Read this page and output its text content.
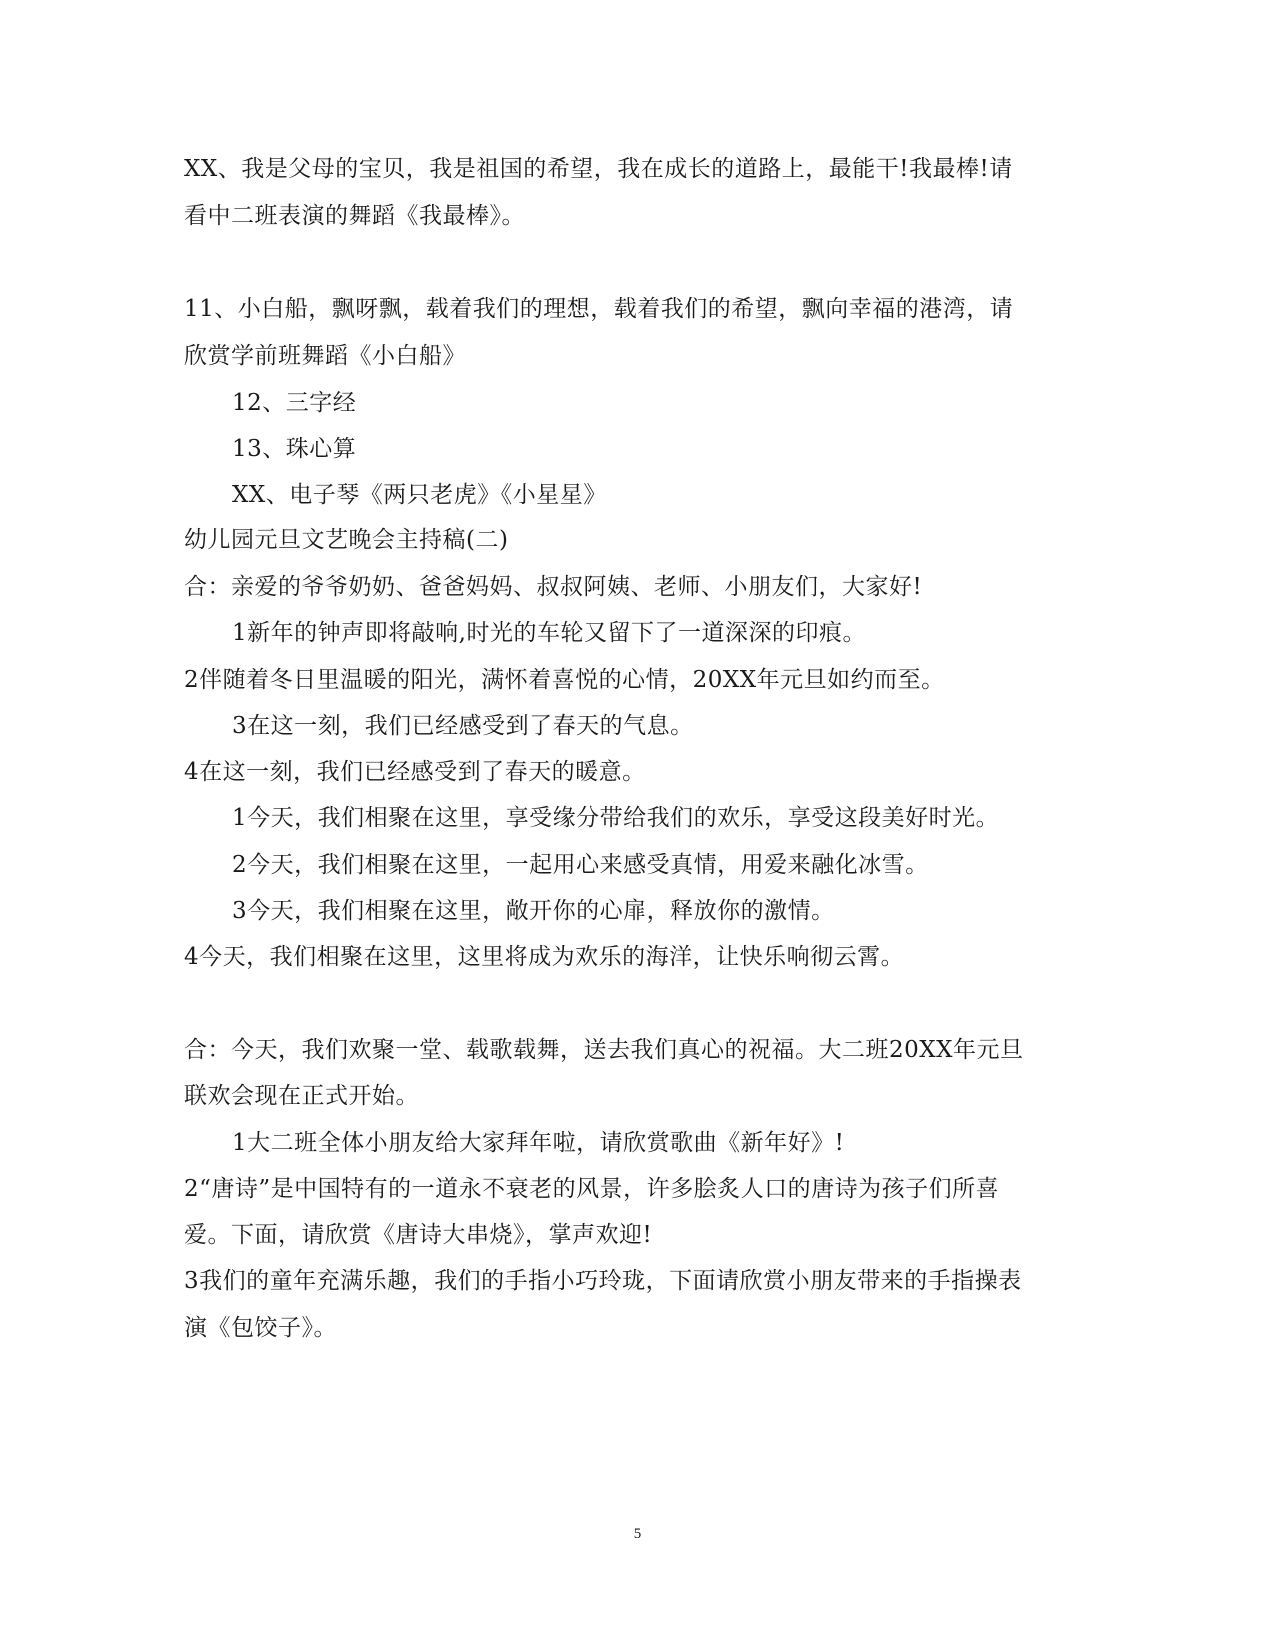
XX、我是父母的宝贝，我是祖国的希望，我在成长的道路上，最能干!我最棒!请
看中二班表演的舞蹈《我最棒》。
11、小白船，飘呀飘，载着我们的理想，载着我们的希望，飘向幸福的港湾，请
欣赏学前班舞蹈《小白船》
12、三字经
13、珠心算
XX、电子琴《两只老虎》《小星星》
幼儿园元旦文艺晚会主持稿(二)
合：亲爱的爷爷奶奶、爸爸妈妈、叔叔阿姨、老师、小朋友们，大家好!
1新年的钟声即将敲响,时光的车轮又留下了一道深深的印痕。
2伴随着冬日里温暖的阳光，满怀着喜悦的心情，20XX年元旦如约而至。
3在这一刻，我们已经感受到了春天的气息。
4在这一刻，我们已经感受到了春天的暖意。
1今天，我们相聚在这里，享受缘分带给我们的欢乐，享受这段美好时光。
2今天，我们相聚在这里，一起用心来感受真情，用爱来融化冰雪。
3今天，我们相聚在这里，敞开你的心扉，释放你的激情。
4今天，我们相聚在这里，这里将成为欢乐的海洋，让快乐响彻云霄。
合：今天，我们欢聚一堂、载歌载舞，送去我们真心的祝福。大二班20XX年元旦
联欢会现在正式开始。
1大二班全体小朋友给大家拜年啦，请欣赏歌曲《新年好》!
2“唐诗”是中国特有的一道永不衰老的风景，许多脍炙人口的唐诗为孩子们所喜
爱。下面，请欣赏《唐诗大串烧》，掌声欢迎!
3我们的童年充满乐趣，我们的手指小巧玲珑，下面请欣赏小朋友带来的手指操表
演《包饺子》。
5
